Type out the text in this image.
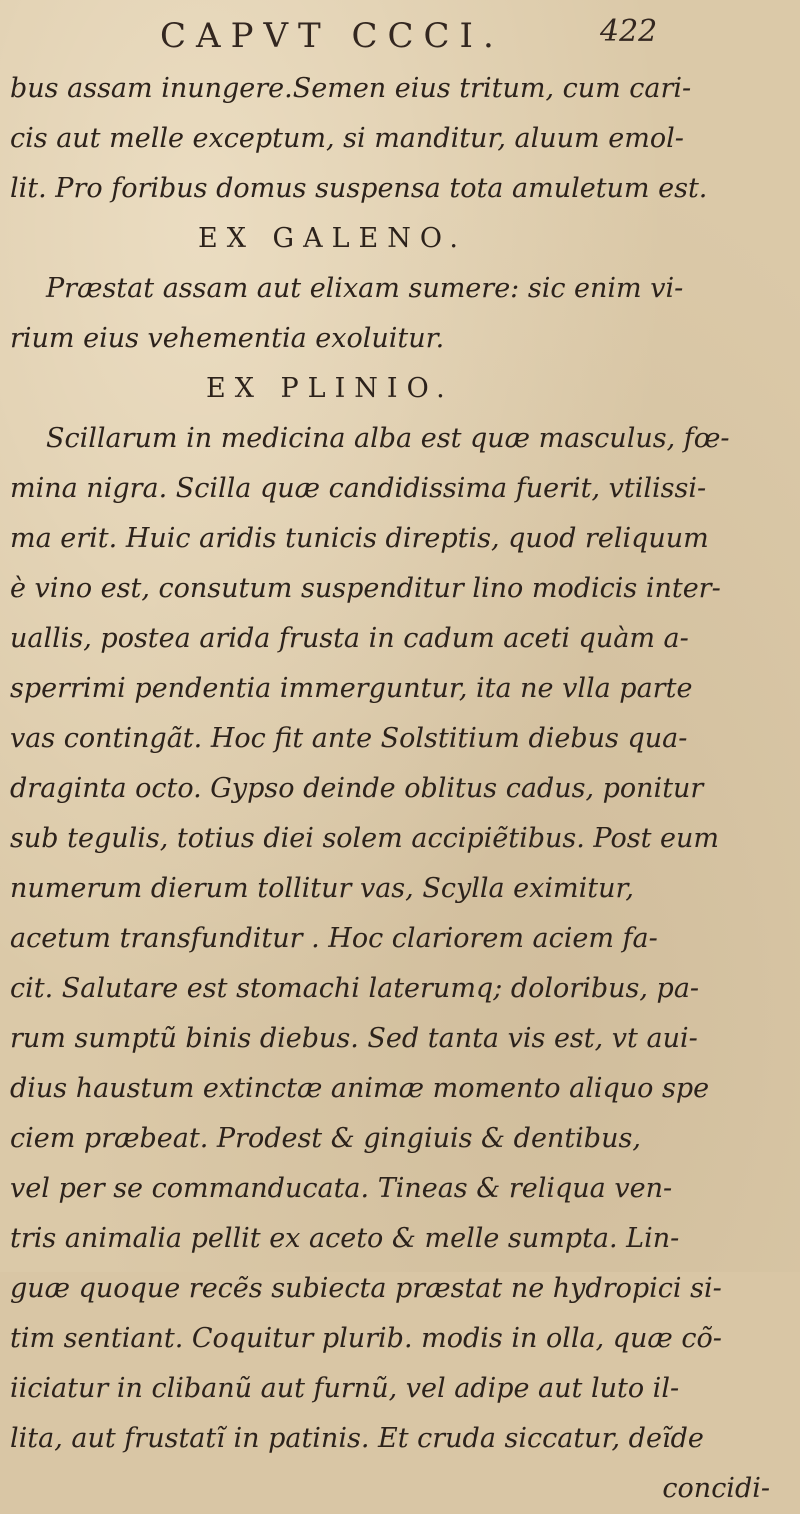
CAPVT CCCI.	422
bus assam inungere.Semen eius tritum, cum cari-
cis aut melle exceptum, si manditur, aluum emol-
lit. Pro foribus domus suspensa tota amuletum est.
EX GALENO.
Præstat assam aut elixam sumere: sic enim vi-
rium eius vehementia exoluitur.
EX PLINIO.
Scillarum in medicina alba est quæ masculus, fœ-
mina nigra. Scilla quæ candidissima fuerit, vtilissi-
ma erit. Huic aridis tunicis direptis, quod reliquum
è vino est, consutum suspenditur lino modicis inter-
uallis, postea arida frusta in cadum aceti quàm a-
sperrimi pendentia immerguntur, ita ne vlla parte
vas contingãt. Hoc fit ante Solstitium diebus qua-
draginta octo. Gypso deinde oblitus cadus, ponitur
sub tegulis, totius diei solem accipiẽtibus. Post eum
numerum dierum tollitur vas, Scylla eximitur,
acetum transfunditur . Hoc clariorem aciem fa-
cit. Salutare est stomachi laterumq; doloribus, pa-
rum sumptũ binis diebus. Sed tanta vis est, vt aui-
dius haustum extinctæ animæ momento aliquo spe
ciem præbeat. Prodest & gingiuis & dentibus,
vel per se commanducata. Tineas & reliqua ven-
tris animalia pellit ex aceto & melle sumpta. Lin-
guæ quoque recẽs subiecta præstat ne hydropici si-
tim sentiant. Coquitur plurib. modis in olla, quæ cõ-
iiciatur in clibanũ aut furnũ, vel adipe aut luto il-
lita, aut frustatĩ in patinis. Et cruda siccatur, deĩde
concidi-
